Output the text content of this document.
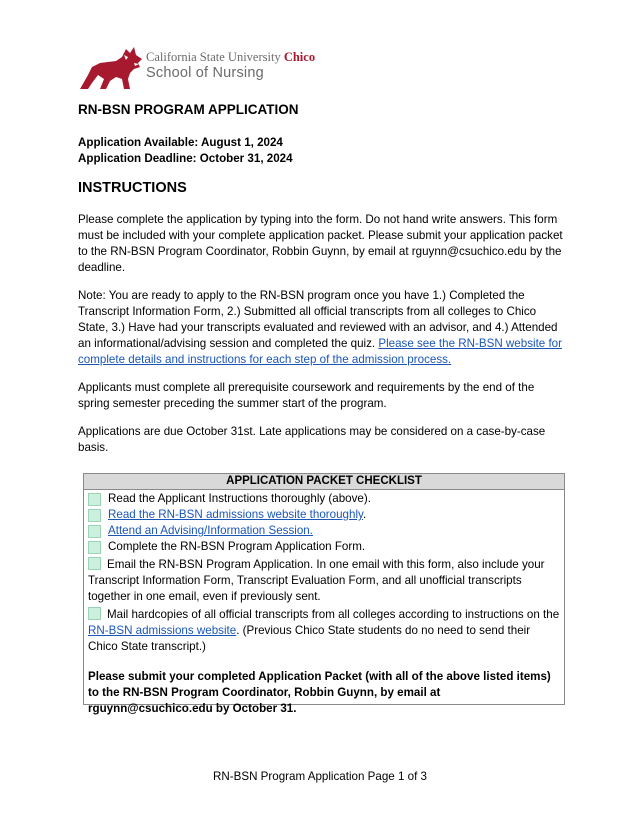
California State University Chico
School of Nursing
RN-BSN PROGRAM APPLICATION
Application Available: August 1, 2024
Application Deadline: October 31, 2024
INSTRUCTIONS
Please complete the application by typing into the form. Do not hand write answers. This form must be included with your complete application packet. Please submit your application packet to the RN-BSN Program Coordinator, Robbin Guynn, by email at rguynn@csuchico.edu by the deadline.
Note: You are ready to apply to the RN-BSN program once you have 1.) Completed the Transcript Information Form, 2.) Submitted all official transcripts from all colleges to Chico State, 3.) Have had your transcripts evaluated and reviewed with an advisor, and 4.) Attended an informational/advising session and completed the quiz. Please see the RN-BSN website for complete details and instructions for each step of the admission process.
Applicants must complete all prerequisite coursework and requirements by the end of the spring semester preceding the summer start of the program.
Applications are due October 31st. Late applications may be considered on a case-by-case basis.
APPLICATION PACKET CHECKLIST
Read the Applicant Instructions thoroughly (above).
Read the RN-BSN admissions website thoroughly.
Attend an Advising/Information Session.
Complete the RN-BSN Program Application Form.
Email the RN-BSN Program Application. In one email with this form, also include your Transcript Information Form, Transcript Evaluation Form, and all unofficial transcripts together in one email, even if previously sent.
Mail hardcopies of all official transcripts from all colleges according to instructions on the RN-BSN admissions website. (Previous Chico State students do no need to send their Chico State transcript.)
Please submit your completed Application Packet (with all of the above listed items) to the RN-BSN Program Coordinator, Robbin Guynn, by email at rguynn@csuchico.edu by October 31.
RN-BSN Program Application Page 1 of 3
